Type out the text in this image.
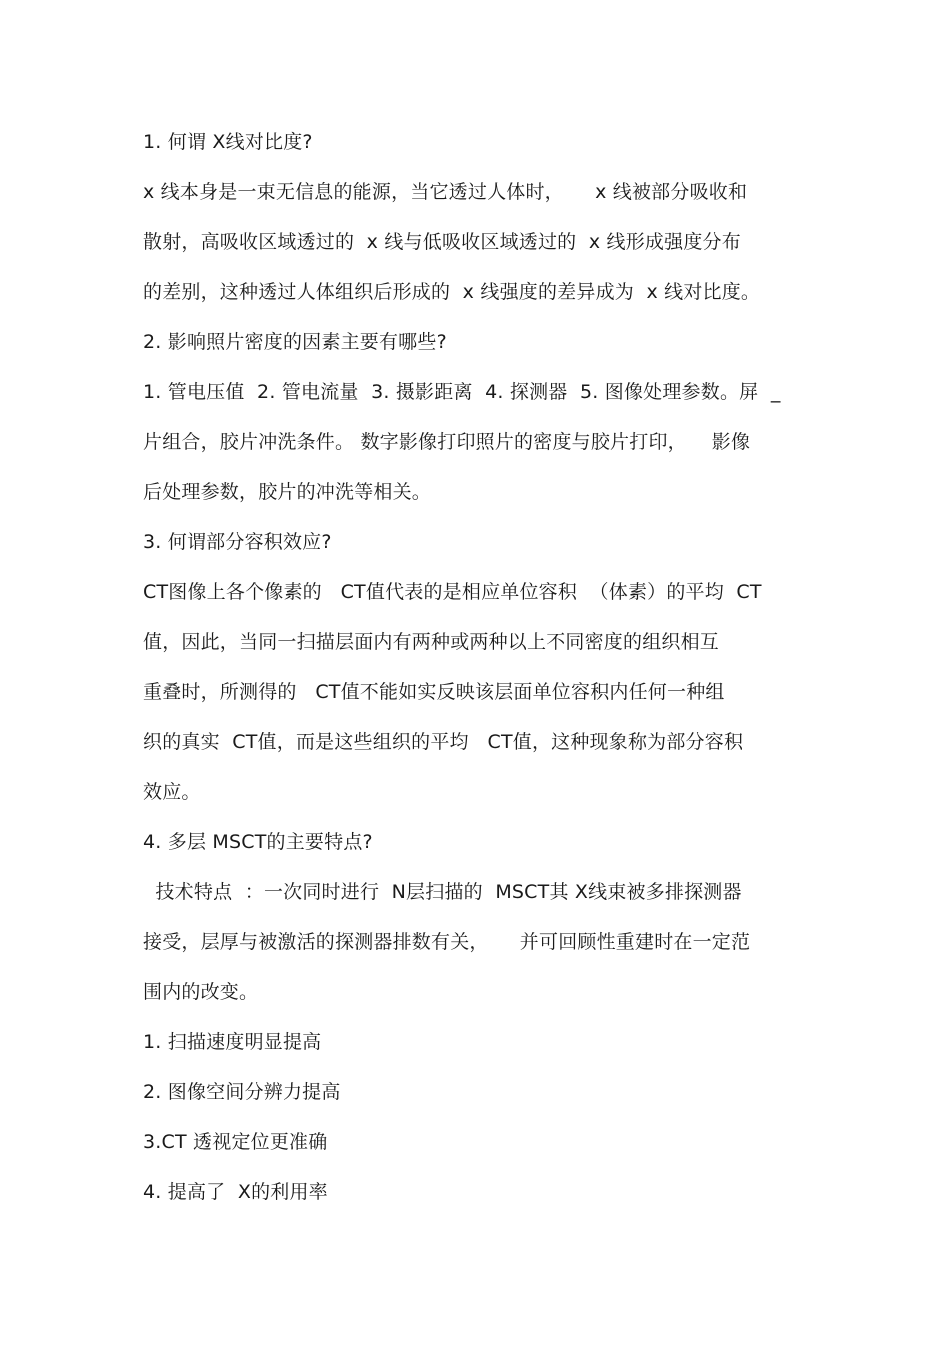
1. 何谓 X线对比度?
x 线本身是一束无信息的能源，当它透过人体时，     x 线被部分吸收和
散射，高吸收区域透过的  x 线与低吸收区域透过的  x 线形成强度分布
的差别，这种透过人体组织后形成的  x 线强度的差异成为  x 线对比度。
2. 影响照片密度的因素主要有哪些?
1. 管电压值  2. 管电流量  3. 摄影距离  4. 探测器  5. 图像处理参数。屏  _
片组合，胶片冲洗条件。 数字影像打印照片的密度与胶片打印，    影像
后处理参数，胶片的冲洗等相关。
3. 何谓部分容积效应?
CT图像上各个像素的   CT值代表的是相应单位容积  （体素）的平均  CT
值，因此，当同一扫描层面内有两种或两种以上不同密度的组织相互
重叠时，所测得的   CT值不能如实反映该层面单位容积内任何一种组
织的真实  CT值，而是这些组织的平均   CT值，这种现象称为部分容积
效应。
4. 多层 MSCT的主要特点?
技术特点  ：一次同时进行  N层扫描的  MSCT其 X线束被多排探测器
接受，层厚与被激活的探测器排数有关，     并可回顾性重建时在一定范
围内的改变。
1. 扫描速度明显提高
2. 图像空间分辨力提高
3.CT 透视定位更准确
4. 提高了  X的利用率
